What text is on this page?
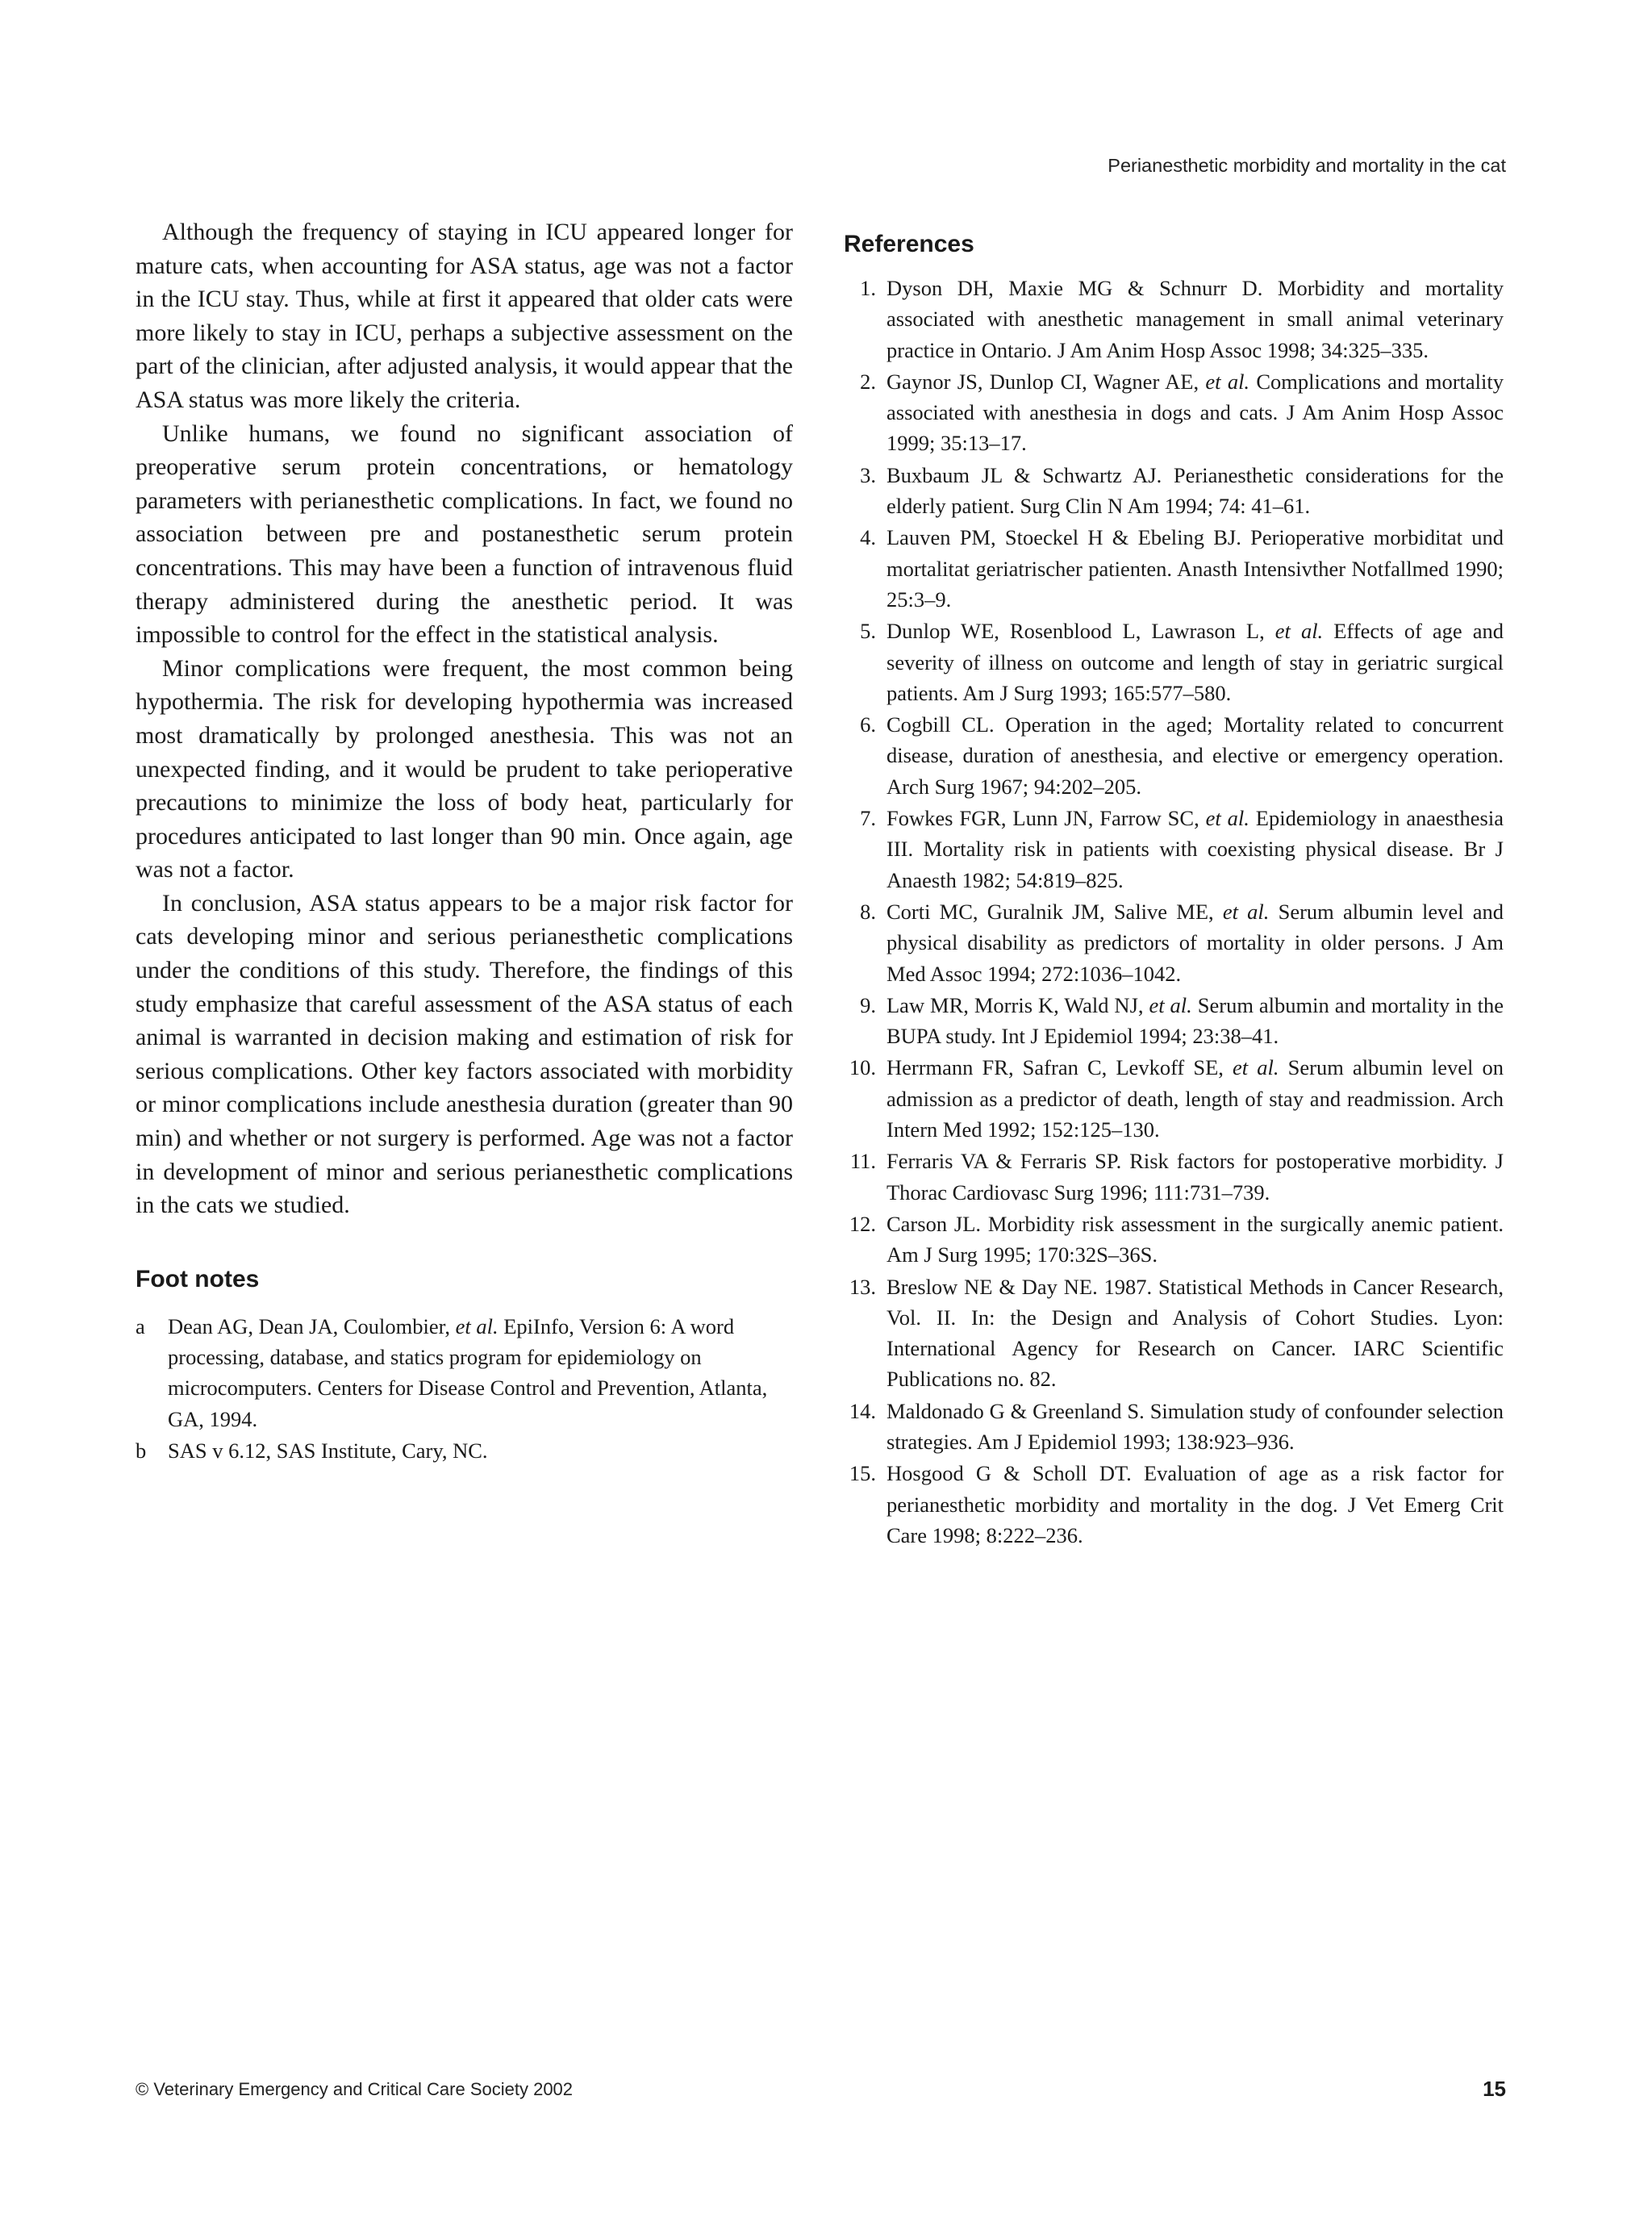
Perianesthetic morbidity and mortality in the cat

Although the frequency of staying in ICU appeared longer for mature cats, when accounting for ASA status, age was not a factor in the ICU stay. Thus, while at first it appeared that older cats were more likely to stay in ICU, perhaps a subjective assessment on the part of the clinician, after adjusted analysis, it would appear that the ASA status was more likely the criteria.

Unlike humans, we found no significant association of preoperative serum protein concentrations, or hematology parameters with perianesthetic complications. In fact, we found no association between pre and postanesthetic serum protein concentrations. This may have been a function of intravenous fluid therapy administered during the anesthetic period. It was impossible to control for the effect in the statistical analysis.

Minor complications were frequent, the most common being hypothermia. The risk for developing hypothermia was increased most dramatically by prolonged anesthesia. This was not an unexpected finding, and it would be prudent to take perioperative precautions to minimize the loss of body heat, particularly for procedures anticipated to last longer than 90 min. Once again, age was not a factor.

In conclusion, ASA status appears to be a major risk factor for cats developing minor and serious perianesthetic complications under the conditions of this study. Therefore, the findings of this study emphasize that careful assessment of the ASA status of each animal is warranted in decision making and estimation of risk for serious complications. Other key factors associated with morbidity or minor complications include anesthesia duration (greater than 90 min) and whether or not surgery is performed. Age was not a factor in development of minor and serious perianesthetic complications in the cats we studied.

Foot notes
a Dean AG, Dean JA, Coulombier, et al. EpiInfo, Version 6: A word processing, database, and statics program for epidemiology on microcomputers. Centers for Disease Control and Prevention, Atlanta, GA, 1994.
b SAS v 6.12, SAS Institute, Cary, NC.
References
1. Dyson DH, Maxie MG & Schnurr D. Morbidity and mortality associated with anesthetic management in small animal veterinary practice in Ontario. J Am Anim Hosp Assoc 1998; 34:325–335.
2. Gaynor JS, Dunlop CI, Wagner AE, et al. Complications and mortality associated with anesthesia in dogs and cats. J Am Anim Hosp Assoc 1999; 35:13–17.
3. Buxbaum JL & Schwartz AJ. Perianesthetic considerations for the elderly patient. Surg Clin N Am 1994; 74: 41–61.
4. Lauven PM, Stoeckel H & Ebeling BJ. Perioperative morbiditat und mortalitat geriatrischer patienten. Anasth Intensivther Notfallmed 1990; 25:3–9.
5. Dunlop WE, Rosenblood L, Lawrason L, et al. Effects of age and severity of illness on outcome and length of stay in geriatric surgical patients. Am J Surg 1993; 165:577–580.
6. Cogbill CL. Operation in the aged; Mortality related to concurrent disease, duration of anesthesia, and elective or emergency operation. Arch Surg 1967; 94:202–205.
7. Fowkes FGR, Lunn JN, Farrow SC, et al. Epidemiology in anaesthesia III. Mortality risk in patients with coexisting physical disease. Br J Anaesth 1982; 54:819–825.
8. Corti MC, Guralnik JM, Salive ME, et al. Serum albumin level and physical disability as predictors of mortality in older persons. J Am Med Assoc 1994; 272:1036–1042.
9. Law MR, Morris K, Wald NJ, et al. Serum albumin and mortality in the BUPA study. Int J Epidemiol 1994; 23:38–41.
10. Herrmann FR, Safran C, Levkoff SE, et al. Serum albumin level on admission as a predictor of death, length of stay and readmission. Arch Intern Med 1992; 152:125–130.
11. Ferraris VA & Ferraris SP. Risk factors for postoperative morbidity. J Thorac Cardiovasc Surg 1996; 111:731–739.
12. Carson JL. Morbidity risk assessment in the surgically anemic patient. Am J Surg 1995; 170:32S–36S.
13. Breslow NE & Day NE. 1987. Statistical Methods in Cancer Research, Vol. II. In: the Design and Analysis of Cohort Studies. Lyon: International Agency for Research on Cancer. IARC Scientific Publications no. 82.
14. Maldonado G & Greenland S. Simulation study of confounder selection strategies. Am J Epidemiol 1993; 138:923–936.
15. Hosgood G & Scholl DT. Evaluation of age as a risk factor for perianesthetic morbidity and mortality in the dog. J Vet Emerg Crit Care 1998; 8:222–236.
© Veterinary Emergency and Critical Care Society 2002	15
